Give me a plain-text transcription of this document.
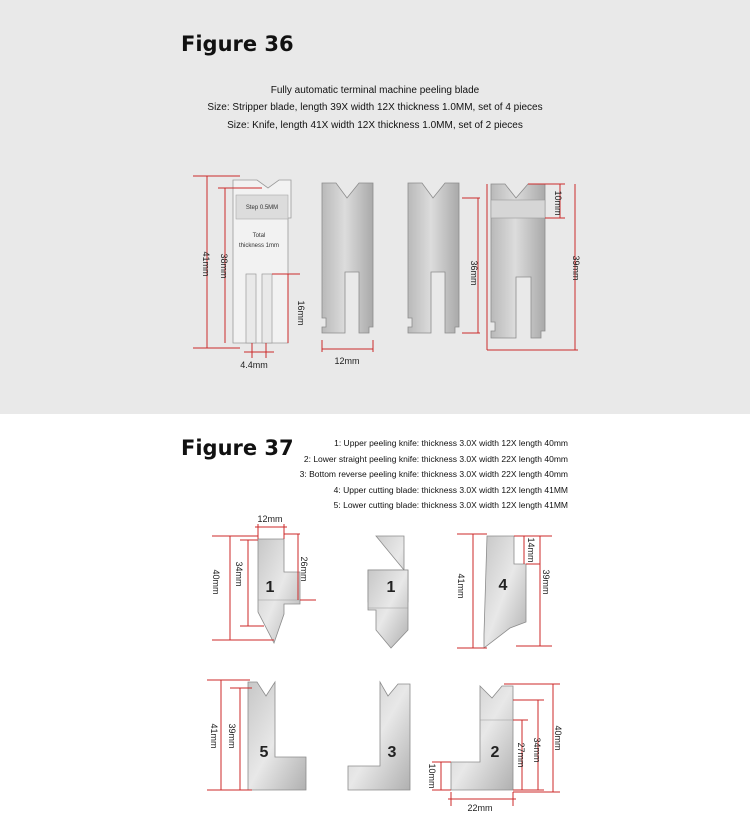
Figure 36
Fully automatic terminal machine peeling blade
Size: Stripper blade, length 39X width 12X thickness 1.0MM, set of 4 pieces
Size: Knife, length 41X width 12X thickness 1.0MM, set of 2 pieces
Step 0.5MM
Total
thickness 1mm
41mm 38mm
16mm
4.4mm	12mm
36mm
10mm
39mm
Figure 37	1: Upper peeling knife: thickness 3.0X width 12X length 40mm
2: Lower straight peeling knife: thickness 3.0X width 22X length 40mm
3: Bottom reverse peeling knife: thickness 3.0X width 22X length 40mm
4: Upper cutting blade: thickness 3.0X width 12X length 41MM
5: Lower cutting blade: thickness 3.0X width 12X length 41MM
1
12mm
40mm 34mm	26mm
1	4
41mm
14mm
39mm
5
41mm 39mm
3	2
10mm
22mm
27mm 34mm 40mm
